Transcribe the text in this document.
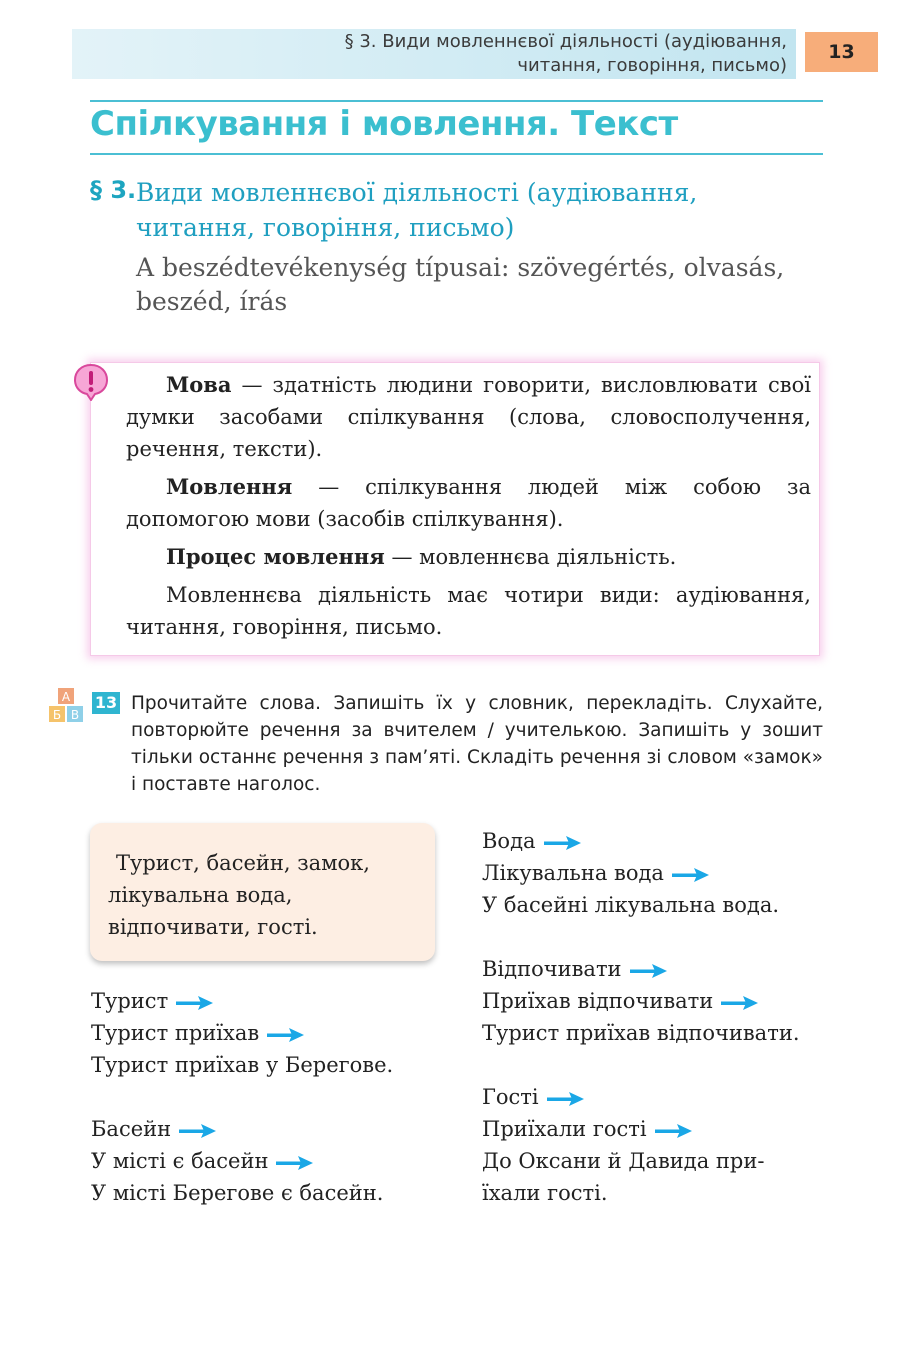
§ 3. Види мовленнєвої діяльності (аудіювання,
читання, говоріння, письмо)
13
Спілкування і мовлення. Текст
§ 3. Види мовленнєвої діяльності (аудіювання,
читання, говоріння, письмо)
A beszédtevékenység típusai: szövegértés, olvasás,
beszéd, írás

Мова — здатність людини говорити, висловлювати свої думки засобами спілкування (слова, словосполучення, речення, тексти).

Мовлення — спілкування людей між собою за допомогою мови (засобів спілкування).

Процес мовлення — мовленнєва діяльність.

Мовленнєва діяльність має чотири види: аудіювання, читання, говоріння, письмо.

А
Б В
13 Прочитайте слова. Запишіть їх у словник, перекладіть. Слухайте, повторюйте речення за вчителем / учителькою. Запишіть у зошит тільки останнє речення з пам’яті. Складіть речення зі словом «замок» і поставте наголос.
Турист, басейн, замок,
лікувальна вода,
відпочивати, гості.
Турист
Турист приїхав
Турист приїхав у Берегове.
Басейн
У місті є басейн
У місті Берегове є басейн.
Вода
Лікувальна вода
У басейні лікувальна вода.
Відпочивати
Приїхав відпочивати
Турист приїхав відпочивати.
Гості
Приїхали гості
До Оксани й Давида при-
їхали гості.
